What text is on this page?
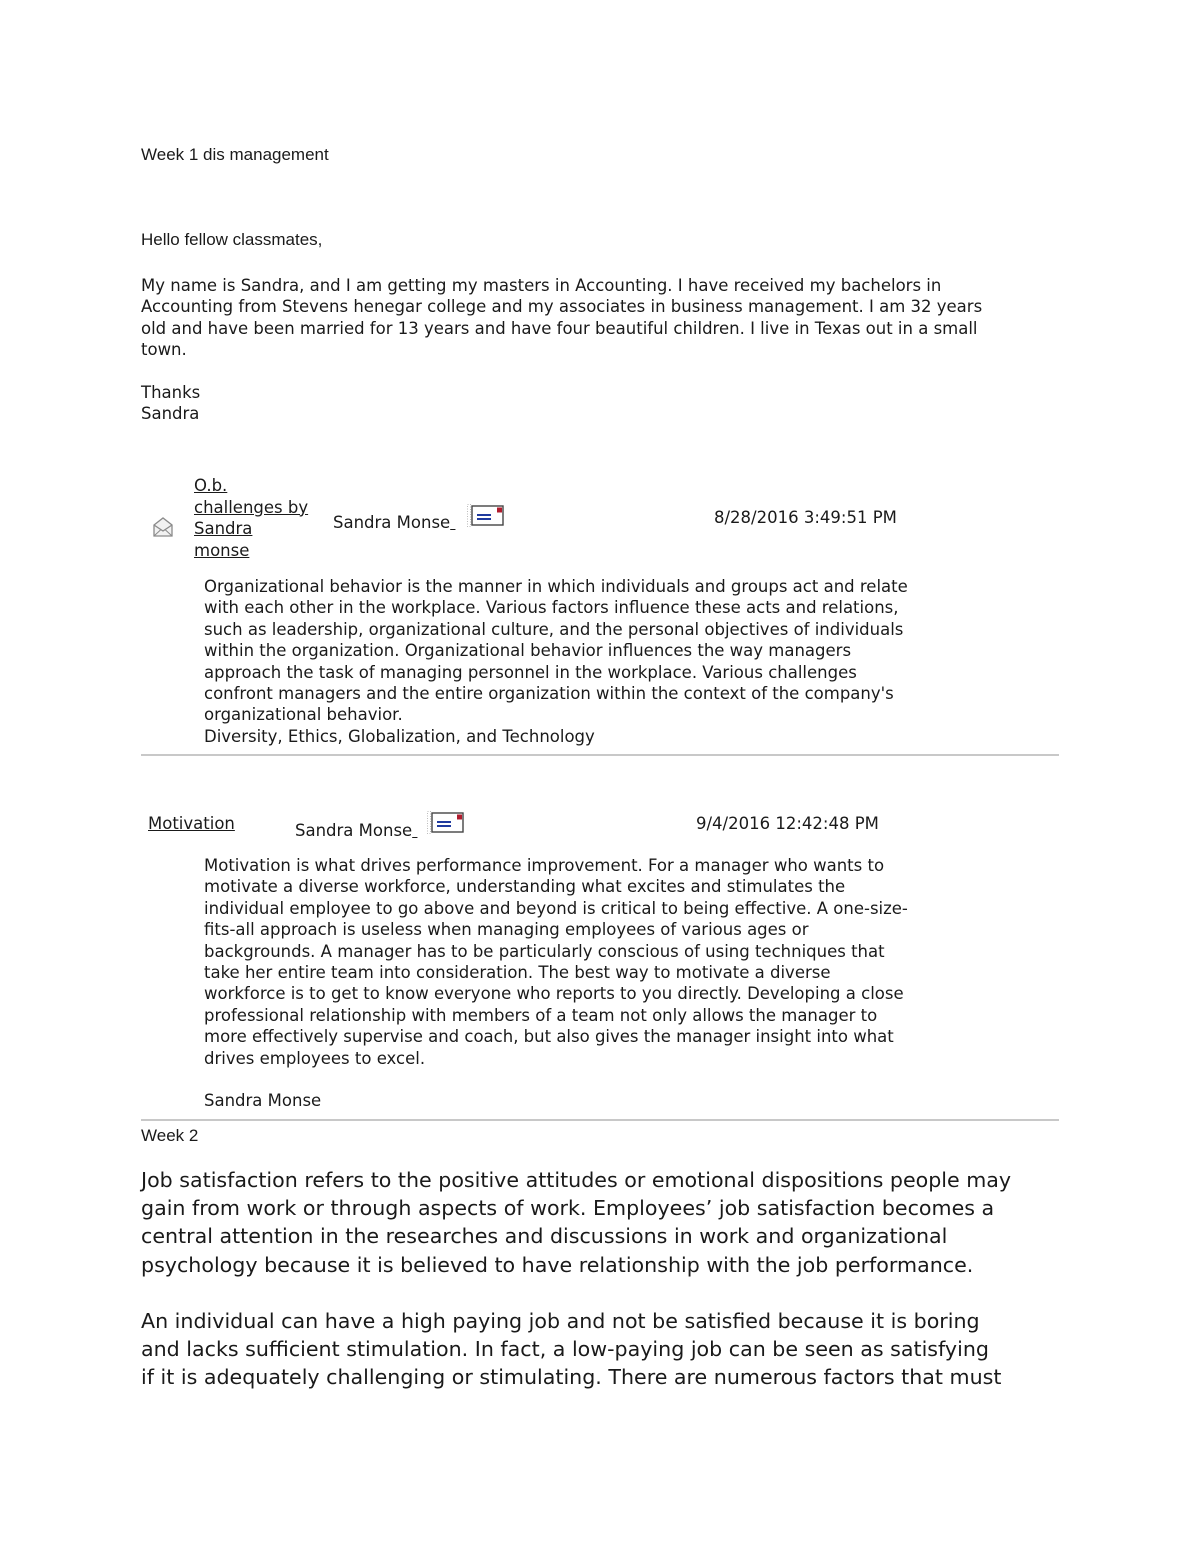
Week 1 dis management
Hello fellow classmates,
My name is Sandra, and I am getting my masters in Accounting. I have received my bachelors in
Accounting from Stevens henegar college and my associates in business management. I am 32 years
old and have been married for 13 years and have four beautiful children. I live in Texas out in a small
town.
Thanks
Sandra
O.b.
challenges by
Sandra
monse
Sandra Monse	8/28/2016 3:49:51 PM
Organizational behavior is the manner in which individuals and groups act and relate
with each other in the workplace. Various factors influence these acts and relations,
such as leadership, organizational culture, and the personal objectives of individuals
within the organization. Organizational behavior influences the way managers
approach the task of managing personnel in the workplace. Various challenges
confront managers and the entire organization within the context of the company's
organizational behavior.
Diversity, Ethics, Globalization, and Technology
Motivation	Sandra Monse	9/4/2016 12:42:48 PM
Motivation is what drives performance improvement. For a manager who wants to
motivate a diverse workforce, understanding what excites and stimulates the
individual employee to go above and beyond is critical to being effective. A one-size-
fits-all approach is useless when managing employees of various ages or
backgrounds. A manager has to be particularly conscious of using techniques that
take her entire team into consideration. The best way to motivate a diverse
workforce is to get to know everyone who reports to you directly. Developing a close
professional relationship with members of a team not only allows the manager to
more effectively supervise and coach, but also gives the manager insight into what
drives employees to excel.
Sandra Monse
Week 2
Job satisfaction refers to the positive attitudes or emotional dispositions people may
gain from work or through aspects of work. Employees’ job satisfaction becomes a
central attention in the researches and discussions in work and organizational
psychology because it is believed to have relationship with the job performance.
An individual can have a high paying job and not be satisfied because it is boring
and lacks sufficient stimulation. In fact, a low-paying job can be seen as satisfying
if it is adequately challenging or stimulating. There are numerous factors that must
